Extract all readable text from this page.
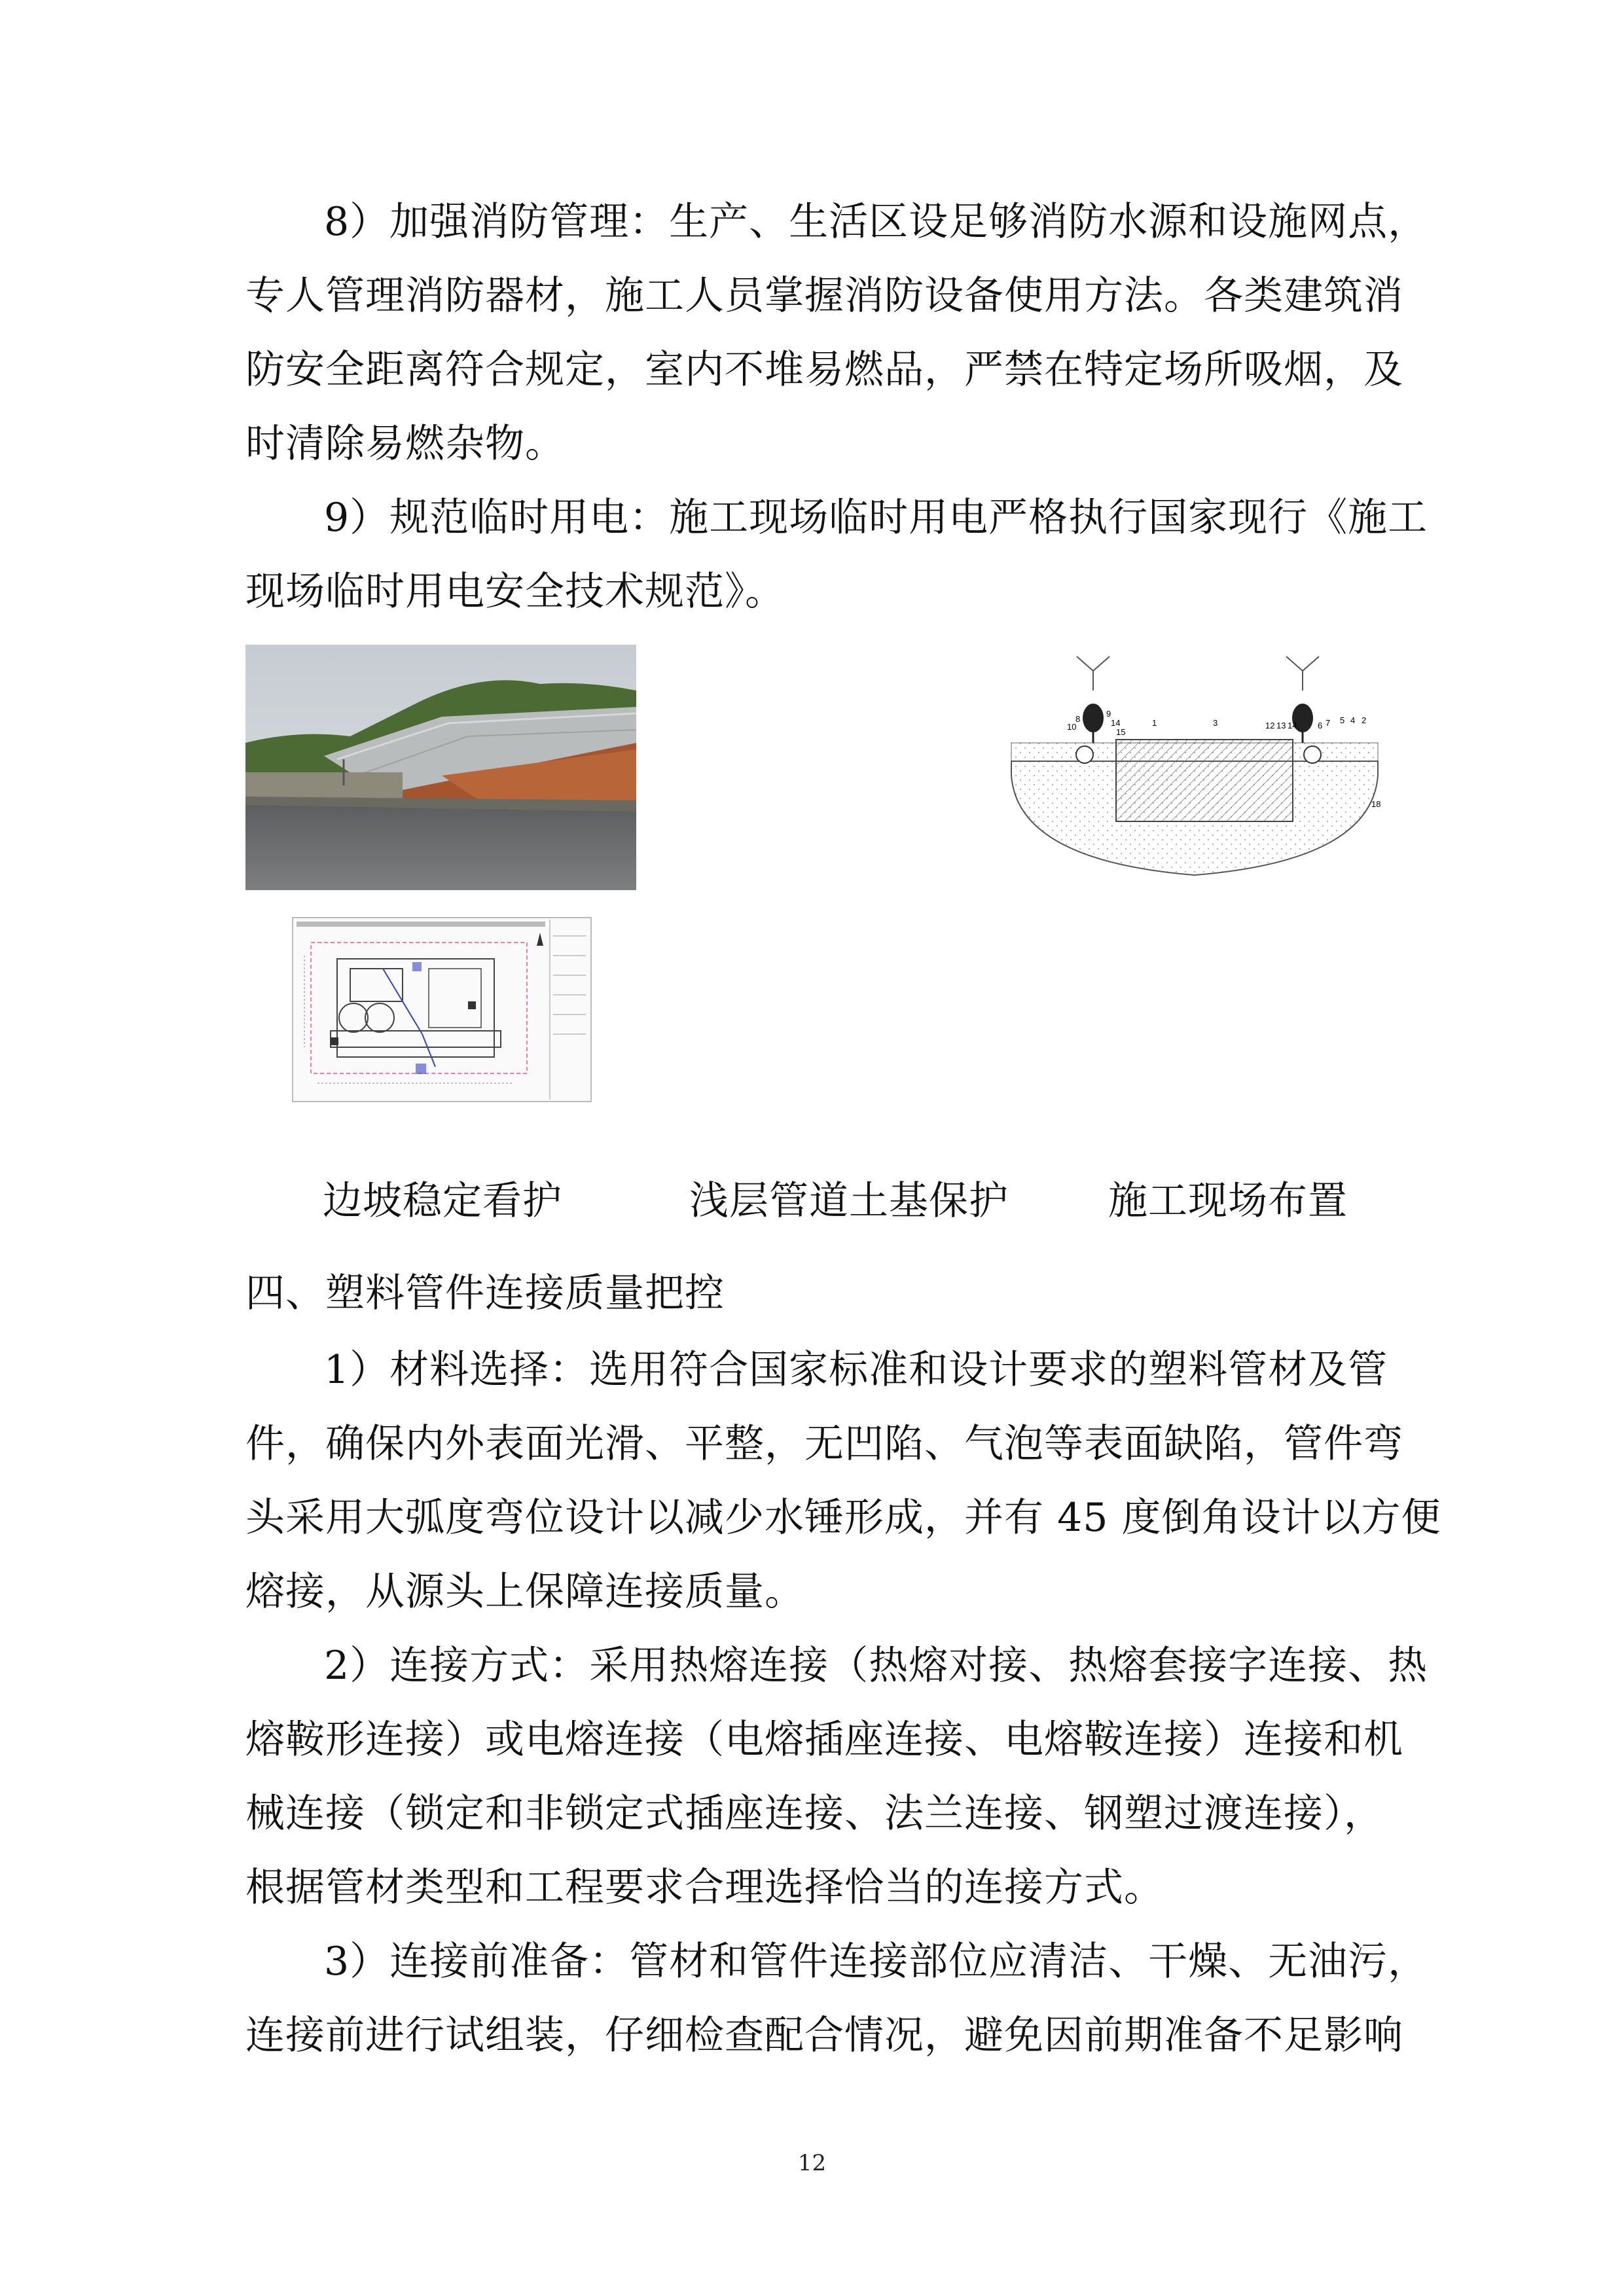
8）加强消防管理：生产、生活区设足够消防水源和设施网点，
专人管理消防器材，施工人员掌握消防设备使用方法。各类建筑消
防安全距离符合规定，室内不堆易燃品，严禁在特定场所吸烟，及
时清除易燃杂物。
9）规范临时用电：施工现场临时用电严格执行国家现行《施工
现场临时用电安全技术规范》。
10
8
9
14
15
1	3	12 13 14 6 7 5 4 2
18
边坡稳定看护	浅层管道土基保护	施工现场布置
四、塑料管件连接质量把控
1）材料选择：选用符合国家标准和设计要求的塑料管材及管
件，确保内外表面光滑、平整，无凹陷、气泡等表面缺陷，管件弯
头采用大弧度弯位设计以减少水锤形成，并有 45 度倒角设计以方便
熔接，从源头上保障连接质量。
2）连接方式：采用热熔连接（热熔对接、热熔套接字连接、热
熔鞍形连接）或电熔连接（电熔插座连接、电熔鞍连接）连接和机
械连接（锁定和非锁定式插座连接、法兰连接、钢塑过渡连接），
根据管材类型和工程要求合理选择恰当的连接方式。
3）连接前准备：管材和管件连接部位应清洁、干燥、无油污，
连接前进行试组装，仔细检查配合情况，避免因前期准备不足影响
12
